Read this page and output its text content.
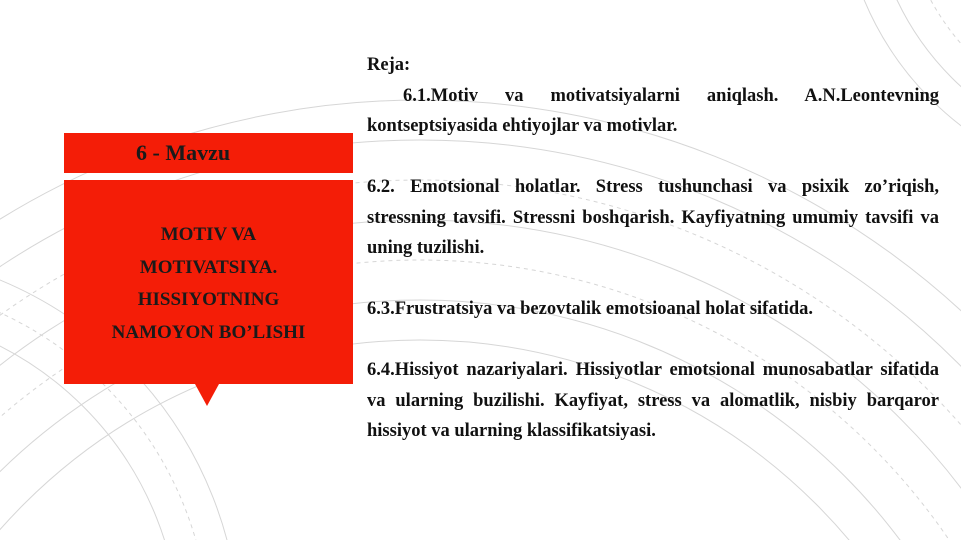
6 - Mavzu
MOTIV VA
MOTIVATSIYA.
HISSIYOTNING
NAMOYON BO’LISHI

Reja:

6.1.Motiv va motivatsiyalarni aniqlash. A.N.Leontevning kontseptsiyasida ehtiyojlar va motivlar.

6.2. Emotsional holatlar. Stress tushunchasi va psixik zo’riqish, stressning tavsifi. Stressni boshqarish. Kayfiyatning umumiy tavsifi va uning tuzilishi.

6.3.Frustratsiya va bezovtalik emotsioanal holat sifatida.

6.4.Hissiyot nazariyalari. Hissiyotlar emotsional munosabatlar sifatida va ularning buzilishi. Kayfiyat, stress va alomatlik, nisbiy barqaror hissiyot va ularning klassifikatsiyasi.
